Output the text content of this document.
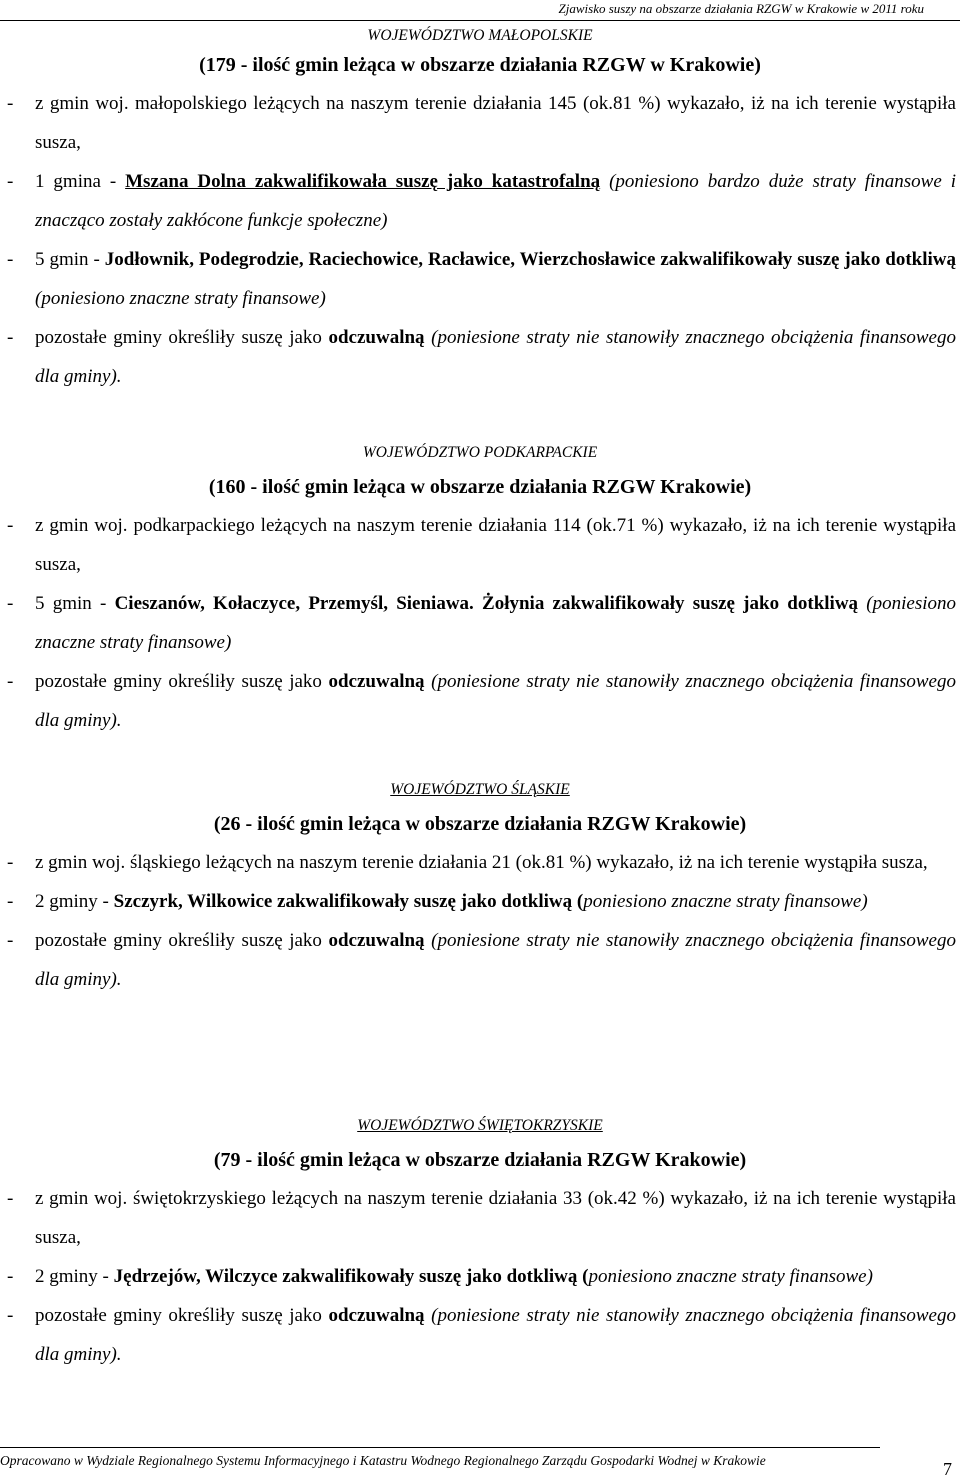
Zjawisko suszy na obszarze działania RZGW w Krakowie w 2011 roku
WOJEWÓDZTWO MAŁOPOLSKIE
(179 - ilość gmin leżąca w obszarze działania RZGW w Krakowie)
- z gmin woj. małopolskiego leżących na naszym terenie działania 145 (ok.81 %) wykazało, iż na ich terenie wystąpiła susza,
- 1 gmina - Mszana Dolna zakwalifikowała suszę jako katastrofalną (poniesiono bardzo duże straty finansowe i znacząco zostały zakłócone funkcje społeczne)
- 5 gmin - Jodłownik, Podegrodzie, Raciechowice, Racławice, Wierzchosławice zakwalifikowały suszę jako dotkliwą (poniesiono znaczne straty finansowe)
- pozostałe gminy określiły suszę jako odczuwalną (poniesione straty nie stanowiły znacznego obciążenia finansowego dla gminy).
WOJEWÓDZTWO PODKARPACKIE
(160 - ilość gmin leżąca w obszarze działania RZGW Krakowie)
- z gmin woj. podkarpackiego leżących na naszym terenie działania 114 (ok.71 %) wykazało, iż na ich terenie wystąpiła susza,
- 5 gmin - Cieszanów, Kołaczyce, Przemyśl, Sieniawa. Żołynia zakwalifikowały suszę jako dotkliwą (poniesiono znaczne straty finansowe)
- pozostałe gminy określiły suszę jako odczuwalną (poniesione straty nie stanowiły znacznego obciążenia finansowego dla gminy).
WOJEWÓDZTWO ŚLĄSKIE
(26 - ilość gmin leżąca w obszarze działania RZGW Krakowie)
- z gmin woj. śląskiego leżących na naszym terenie działania 21 (ok.81 %) wykazało, iż na ich terenie wystąpiła susza,
- 2 gminy - Szczyrk, Wilkowice zakwalifikowały suszę jako dotkliwą (poniesiono znaczne straty finansowe)
- pozostałe gminy określiły suszę jako odczuwalną (poniesione straty nie stanowiły znacznego obciążenia finansowego dla gminy).
WOJEWÓDZTWO ŚWIĘTOKRZYSKIE
(79 - ilość gmin leżąca w obszarze działania RZGW Krakowie)
- z gmin woj. świętokrzyskiego leżących na naszym terenie działania 33 (ok.42 %) wykazało, iż na ich terenie wystąpiła susza,
- 2 gminy - Jędrzejów, Wilczyce zakwalifikowały suszę jako dotkliwą (poniesiono znaczne straty finansowe)
- pozostałe gminy określiły suszę jako odczuwalną (poniesione straty nie stanowiły znacznego obciążenia finansowego dla gminy).
Opracowano w Wydziale Regionalnego Systemu Informacyjnego i Katastru Wodnego Regionalnego Zarządu Gospodarki Wodnej w Krakowie	7
